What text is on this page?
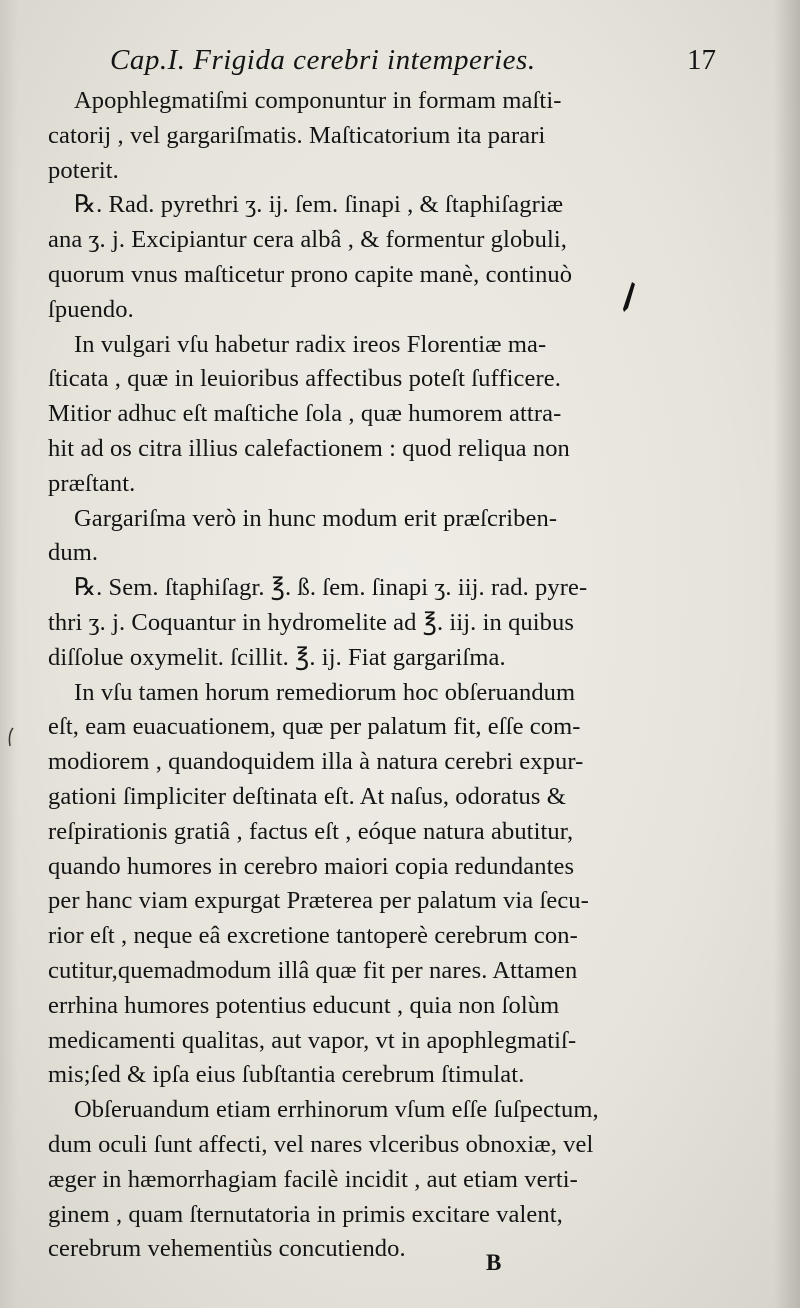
Cap.I. Frigida cerebri intemperies.	17
Apophlegmatiſmi componuntur in formam maſti-
catorij , vel gargariſmatis. Maſticatorium ita parari
poterit.
℞. Rad. pyrethri ʒ. ij. ſem. ſinapi , & ſtaphiſagriæ
ana ʒ. j. Excipiantur cera albâ , & formentur globuli,
quorum vnus maſticetur prono capite manè, continuò
ſpuendo.
In vulgari vſu habetur radix ireos Florentiæ ma-
ſticata , quæ in leuioribus affectibus poteſt ſufficere.
Mitior adhuc eſt maſtiche ſola , quæ humorem attra-
hit ad os citra illius calefactionem : quod reliqua non
præſtant.
Gargariſma verò in hunc modum erit præſcriben-
dum.
℞. Sem. ſtaphiſagr. ℥. ß. ſem. ſinapi ʒ. iij. rad. pyre-
thri ʒ. j. Coquantur in hydromelite ad ℥. iij. in quibus
diſſolue oxymelit. ſcillit. ℥. ij. Fiat gargariſma.
In vſu tamen horum remediorum hoc obſeruandum
eſt, eam euacuationem, quæ per palatum fit, eſſe com-
modiorem , quandoquidem illa à natura cerebri expur-
gationi ſimpliciter deſtinata eſt. At naſus, odoratus &
reſpirationis gratiâ , factus eſt , eóque natura abutitur,
quando humores in cerebro maiori copia redundantes
per hanc viam expurgat Præterea per palatum via ſecu-
rior eſt , neque eâ excretione tantoperè cerebrum con-
cutitur,quemadmodum illâ quæ fit per nares. Attamen
errhina humores potentius educunt , quia non ſolùm
medicamenti qualitas, aut vapor, vt in apophlegmatiſ-
mis;ſed & ipſa eius ſubſtantia cerebrum ſtimulat.
Obſeruandum etiam errhinorum vſum eſſe ſuſpectum,
dum oculi ſunt affecti, vel nares vlceribus obnoxiæ, vel
æger in hæmorrhagiam facilè incidit , aut etiam verti-
ginem , quam ſternutatoria in primis excitare valent,
cerebrum vehementiùs concutiendo.
B
